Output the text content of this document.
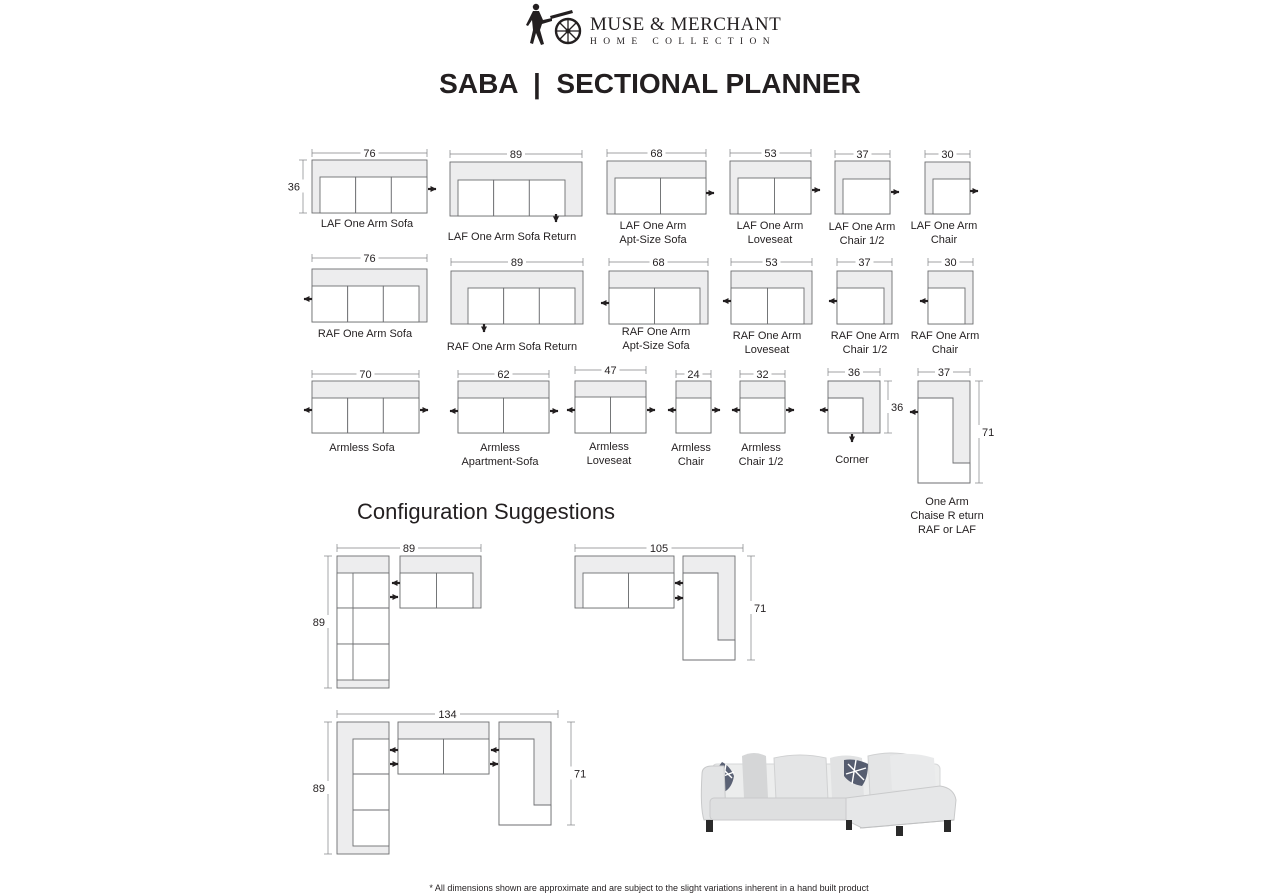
MUSE & MERCHANT
HOME COLLECTION
SABA  |  SECTIONAL PLANNER
76
36
LAF One Arm Sofa
89
LAF One Arm Sofa Return
68
LAF One Arm
Apt-Size Sofa
53
LAF One Arm
Loveseat
37
LAF One Arm
Chair 1/2
30
LAF One Arm
Chair
76
RAF One Arm Sofa
89
RAF One Arm Sofa Return
68
RAF One Arm
Apt-Size Sofa
53
RAF One Arm
Loveseat
37
RAF One Arm
Chair 1/2
30
RAF One Arm
Chair
70
Armless Sofa
62
Armless
Apartment-Sofa
47
Armless
Loveseat
24
Armless
Chair
32
Armless
Chair 1/2
36
36
Corner
37
71
One Arm
Chaise R eturn
RAF or LAF
89
89
105
71
134
89
71
Configuration Suggestions
* All dimensions shown are approximate and are subject to the slight variations inherent in a hand built product
